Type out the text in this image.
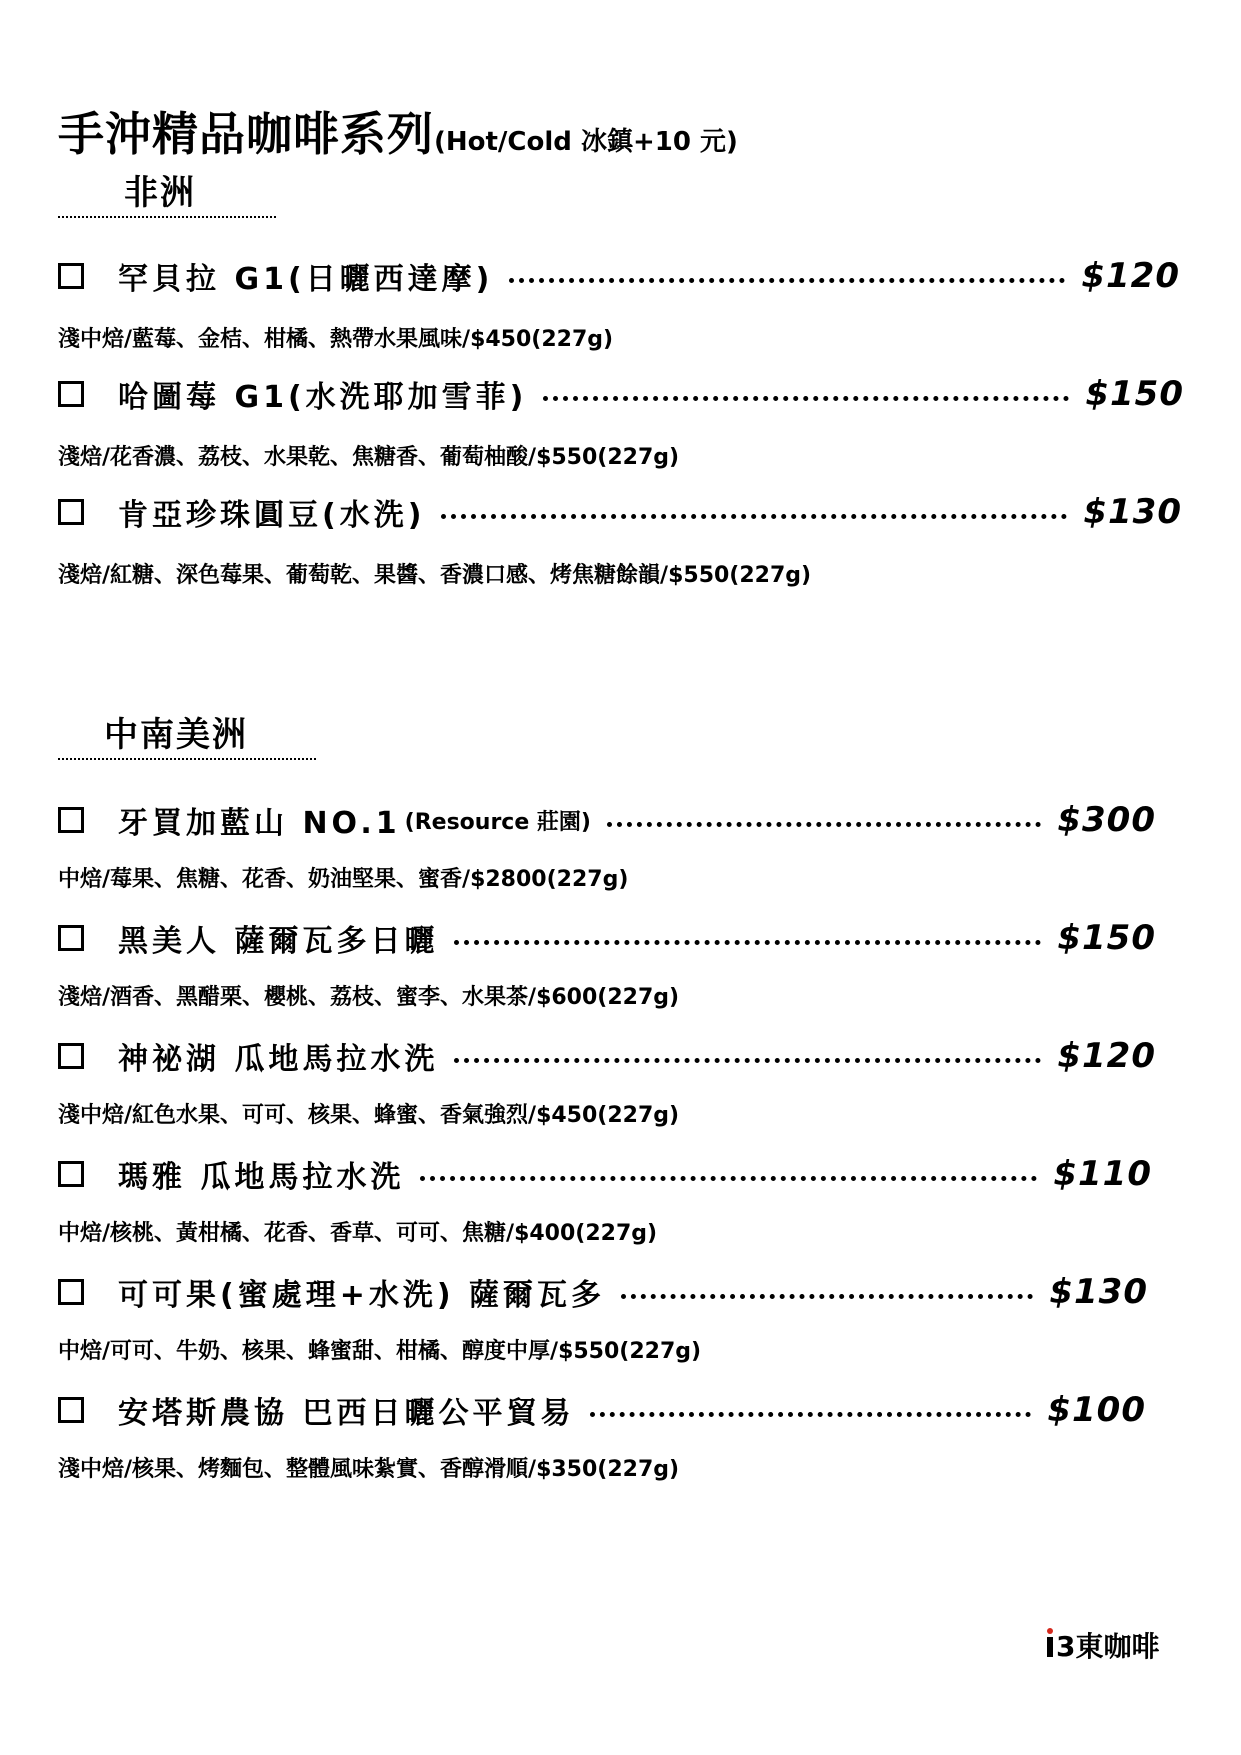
手沖精品咖啡系列(Hot/Cold 冰鎮+10 元)
非洲
罕貝拉 G1(日曬西達摩)	$120
淺中焙/藍莓、金桔、柑橘、熱帶水果風味/$450(227g)
哈圖莓 G1(水洗耶加雪菲)	$150
淺焙/花香濃、荔枝、水果乾、焦糖香、葡萄柚酸/$550(227g)
肯亞珍珠圓豆(水洗)	$130
淺焙/紅糖、深色莓果、葡萄乾、果醬、香濃口感、烤焦糖餘韻/$550(227g)
中南美洲
牙買加藍山 NO.1 (Resource 莊園)	$300
中焙/莓果、焦糖、花香、奶油堅果、蜜香/$2800(227g)
黑美人 薩爾瓦多日曬	$150
淺焙/酒香、黑醋栗、櫻桃、荔枝、蜜李、水果茶/$600(227g)
神祕湖 瓜地馬拉水洗	$120
淺中焙/紅色水果、可可、核果、蜂蜜、香氣強烈/$450(227g)
瑪雅 瓜地馬拉水洗	$110
中焙/核桃、黃柑橘、花香、香草、可可、焦糖/$400(227g)
可可果(蜜處理+水洗) 薩爾瓦多	$130
中焙/可可、牛奶、核果、蜂蜜甜、柑橘、醇度中厚/$550(227g)
安塔斯農協 巴西日曬公平貿易	$100
淺中焙/核果、烤麵包、整體風味紮實、香醇滑順/$350(227g)
3東咖啡
